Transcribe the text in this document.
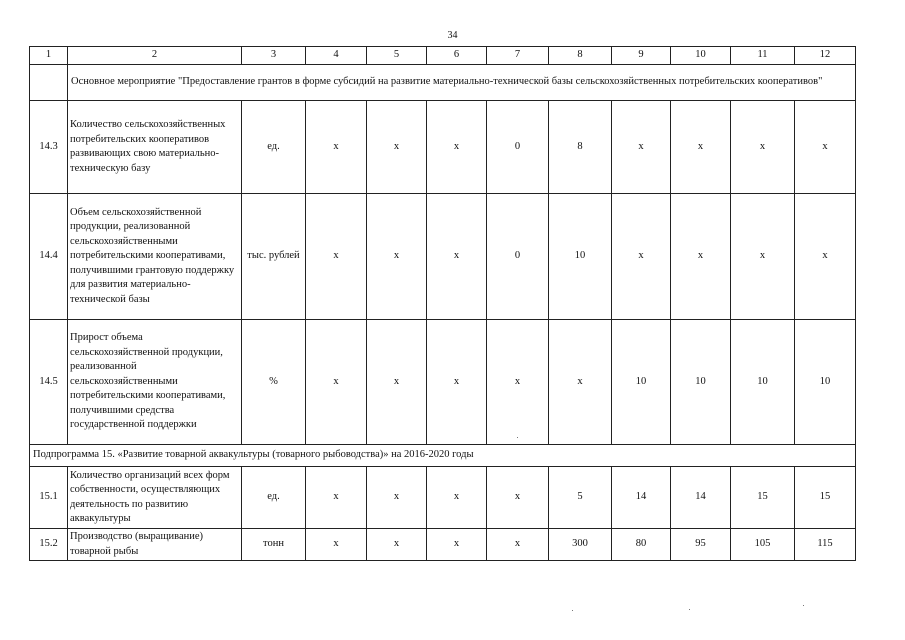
34
1	2	3	4	5	6	7	8	9	10	11	12
	Основное мероприятие "Предоставление грантов в форме субсидий на развитие материально-технической базы сельскохозяйственных потребительских кооперативов"										
14.3	Количество сельскохозяйственных потребительских кооперативов развивающих свою материально-техническую базу	ед.	x	x	x	0	8	x	x	x	x
14.4	Объем сельскохозяйственной продукции, реализованной сельскохозяйственными потребительскими кооперативами, получившими грантовую поддержку для развития материально-технической базы	тыс. рублей	x	x	x	0	10	x	x	x	x
14.5	Прирост объема сельскохозяйственной продукции, реализованной сельскохозяйственными потребительскими кооперативами, получившими средства государственной поддержки	%	x	x	x	x	x	10	10	10	10
Подпрограмма 15. «Развитие товарной аквакультуры (товарного рыбоводства)» на 2016-2020 годы											
15.1	Количество организаций всех форм собственности, осуществляющих деятельность по развитию аквакультуры	ед.	x	x	x	x	5	14	14	15	15
15.2	Производство (выращивание) товарной рыбы	тонн	x	x	x	x	300	80	95	105	115
